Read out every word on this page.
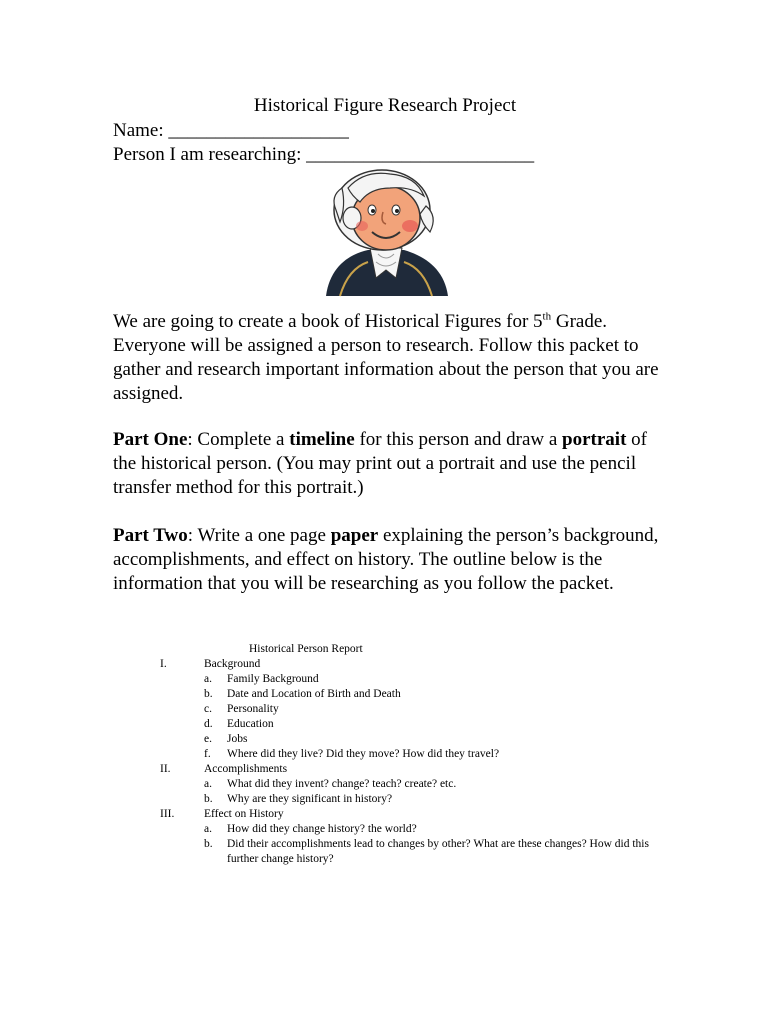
Historical Figure Research Project
Name: ___________________
Person I am researching: ________________________
We are going to create a book of Historical Figures for 5th Grade. Everyone will be assigned a person to research. Follow this packet to gather and research important information about the person that you are assigned.
Part One: Complete a timeline for this person and draw a portrait of the historical person. (You may print out a portrait and use the pencil transfer method for this portrait.)
Part Two: Write a one page paper explaining the person’s background, accomplishments, and effect on history. The outline below is the information that you will be researching as you follow the packet.
Historical Person Report
I.	Background
a. Family Background
b. Date and Location of Birth and Death
c. Personality
d. Education
e. Jobs
f. Where did they live? Did they move? How did they travel?
II.	Accomplishments
a. What did they invent? change? teach? create? etc.
b. Why are they significant in history?
III.	Effect on History
a. How did they change history? the world?
b. Did their accomplishments lead to changes by other? What are these changes? How did this further change history?
